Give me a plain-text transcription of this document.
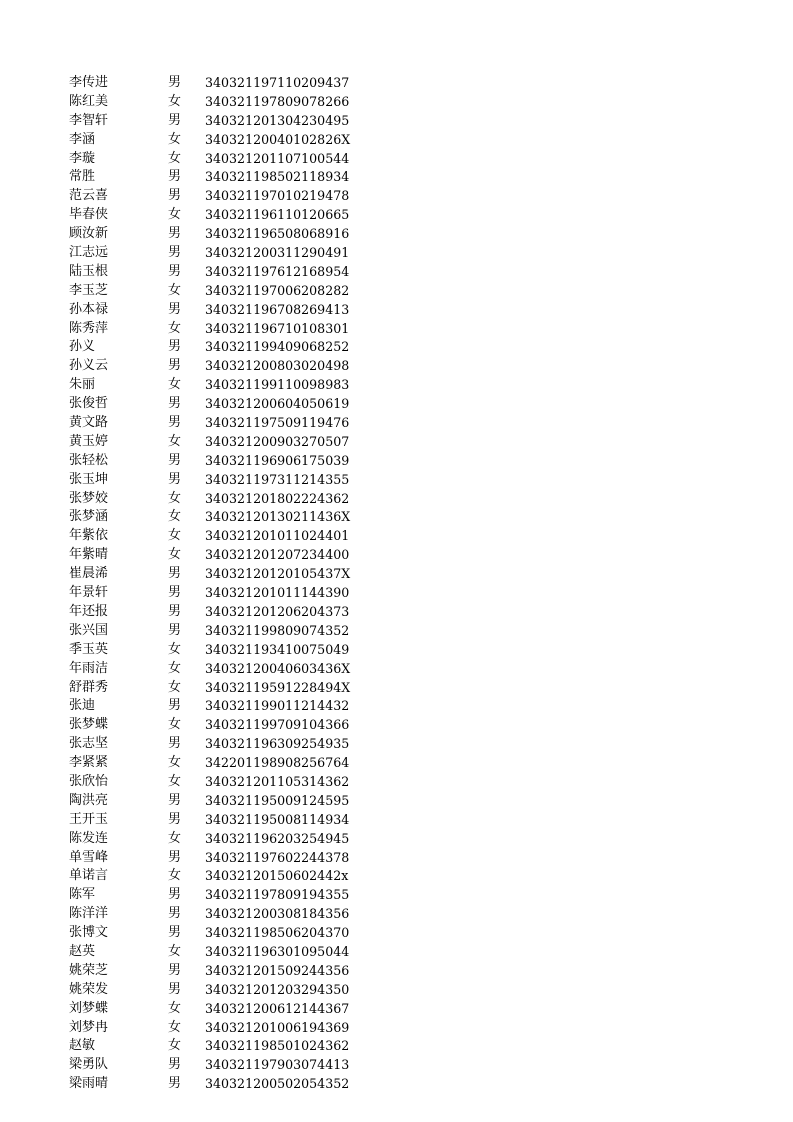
李传进	男 340321197110209437
陈红美	女 340321197809078266
李智轩	男 340321201304230495
李涵	女 34032120040102826X
李璇	女 340321201107100544
常胜	男 340321198502118934
范云喜	男 340321197010219478
毕春侠	女 340321196110120665
顾汝新	男 340321196508068916
江志远	男 340321200311290491
陆玉根	男 340321197612168954
李玉芝	女 340321197006208282
孙本禄	男 340321196708269413
陈秀萍	女 340321196710108301
孙义	男 340321199409068252
孙义云	男 340321200803020498
朱丽	女 340321199110098983
张俊哲	男 340321200604050619
黄文路	男 340321197509119476
黄玉婷	女 340321200903270507
张轻松	男 340321196906175039
张玉坤	男 340321197311214355
张梦姣	女 340321201802224362
张梦涵	女 34032120130211436X
年紫依	女 340321201011024401
年紫晴	女 340321201207234400
崔晨浠	男 34032120120105437X
年景轩	男 340321201011144390
年还报	男 340321201206204373
张兴国	男 340321199809074352
季玉英	女 340321193410075049
年雨洁	女 34032120040603436X
舒群秀	女 34032119591228494X
张迪	男 340321199011214432
张梦蝶	女 340321199709104366
张志坚	男 340321196309254935
李紧紧	女 342201198908256764
张欣怡	女 340321201105314362
陶洪亮	男 340321195009124595
王开玉	男 340321195008114934
陈发连	女 340321196203254945
单雪峰	男 340321197602244378
单诺言	女 34032120150602442x
陈军	男 340321197809194355
陈洋洋	男 340321200308184356
张博文	男 340321198506204370
赵英	女 340321196301095044
姚荣芝	男 340321201509244356
姚荣发	男 340321201203294350
刘梦蝶	女 340321200612144367
刘梦冉	女 340321201006194369
赵敏	女 340321198501024362
梁勇队	男 340321197903074413
梁雨晴	男 340321200502054352
